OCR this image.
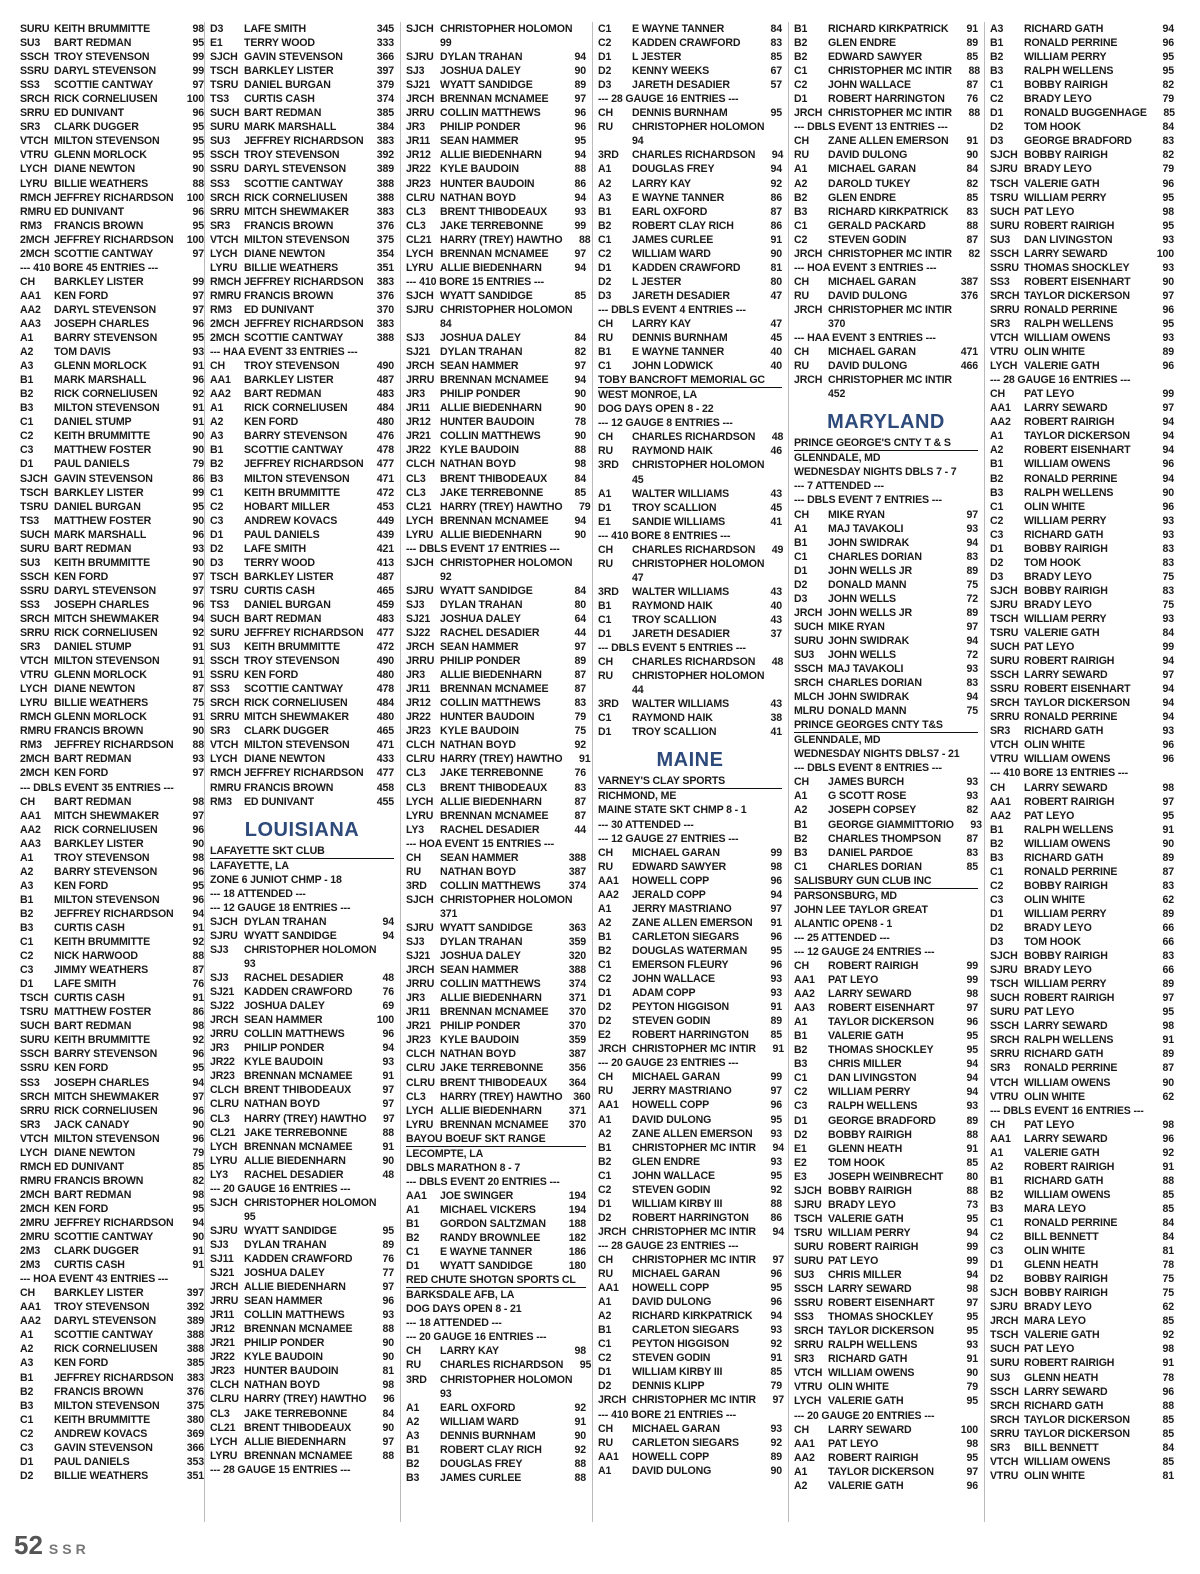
SURU KEITH BRUMMITTE	98
SU3	BART REDMAN	95
SSCH TROY STEVENSON	99
SSRU DARYL STEVENSON	99
SS3	SCOTTIE CANTWAY	97
SRCH RICK CORNELIUSEN	100
SRRU ED DUNIVANT	96
SR3	CLARK DUGGER	95
VTCH MILTON STEVENSON	95
VTRU GLENN MORLOCK	95
LYCH DIANE NEWTON	90
LYRU BILLIE WEATHERS	88
RMCH JEFFREY RICHARDSON	100
RMRU ED DUNIVANT	96
RM3	FRANCIS BROWN	95
2MCH JEFFREY RICHARDSON	100
2MCH SCOTTIE CANTWAY	97
--- 410 BORE 45 ENTRIES ---
CH	BARKLEY LISTER	99
AA1	KEN FORD	97
AA2	DARYL STEVENSON	97
AA3	JOSEPH CHARLES	96
A1	BARRY STEVENSON	95
A2	TOM DAVIS	93
A3	GLENN MORLOCK	91
B1	MARK MARSHALL	96
B2	RICK CORNELIUSEN	92
B3	MILTON STEVENSON	91
C1	DANIEL STUMP	91
C2	KEITH BRUMMITTE	90
C3	MATTHEW FOSTER	90
D1	PAUL DANIELS	79
SJCH GAVIN STEVENSON	86
TSCH BARKLEY LISTER	99
TSRU DANIEL BURGAN	95
TS3	MATTHEW FOSTER	90
SUCH MARK MARSHALL	96
SURU BART REDMAN	93
SU3	KEITH BRUMMITTE	90
SSCH KEN FORD	97
SSRU DARYL STEVENSON	97
SS3	JOSEPH CHARLES	96
SRCH MITCH SHEWMAKER	94
SRRU RICK CORNELIUSEN	92
SR3	DANIEL STUMP	91
VTCH MILTON STEVENSON	91
VTRU GLENN MORLOCK	91
LYCH DIANE NEWTON	87
LYRU BILLIE WEATHERS	75
RMCH GLENN MORLOCK	91
RMRU FRANCIS BROWN	90
RM3	JEFFREY RICHARDSON	88
2MCH BART REDMAN	93
2MCH KEN FORD	97
--- DBLS EVENT 35 ENTRIES ---
CH	BART REDMAN	98
AA1	MITCH SHEWMAKER	97
AA2	RICK CORNELIUSEN	96
AA3	BARKLEY LISTER	90
A1	TROY STEVENSON	98
A2	BARRY STEVENSON	96
A3	KEN FORD	95
B1	MILTON STEVENSON	96
B2	JEFFREY RICHARDSON	94
B3	CURTIS CASH	91
C1	KEITH BRUMMITTE	92
C2	NICK HARWOOD	88
C3	JIMMY WEATHERS	87
D1	LAFE SMITH	76
TSCH CURTIS CASH	91
TSRU MATTHEW FOSTER	86
SUCH BART REDMAN	98
SURU KEITH BRUMMITTE	92
SSCH BARRY STEVENSON	96
SSRU KEN FORD	95
SS3	JOSEPH CHARLES	94
SRCH MITCH SHEWMAKER	97
SRRU RICK CORNELIUSEN	96
SR3	JACK CANADY	90
VTCH MILTON STEVENSON	96
LYCH DIANE NEWTON	79
RMCH ED DUNIVANT	85
RMRU FRANCIS BROWN	82
2MCH BART REDMAN	98
2MCH KEN FORD	95
2MRU JEFFREY RICHARDSON	94
2MRU SCOTTIE CANTWAY	90
2M3	CLARK DUGGER	91
2M3	CURTIS CASH	91
--- HOA EVENT 43 ENTRIES ---
CH	BARKLEY LISTER	397
AA1	TROY STEVENSON	392
AA2	DARYL STEVENSON	389
A1	SCOTTIE CANTWAY	388
A2	RICK CORNELIUSEN	388
A3	KEN FORD	385
B1	JEFFREY RICHARDSON	383
B2	FRANCIS BROWN	376
B3	MILTON STEVENSON	375
C1	KEITH BRUMMITTE	380
C2	ANDREW KOVACS	369
C3	GAVIN STEVENSON	366
D1	PAUL DANIELS	353
D2	BILLIE WEATHERS	351
D3	LAFE SMITH	345
E1	TERRY WOOD	333
SJCH GAVIN STEVENSON	366
TSCH BARKLEY LISTER	397
TSRU DANIEL BURGAN	379
TS3	CURTIS CASH	374
SUCH BART REDMAN	385
SURU MARK MARSHALL	384
SU3	JEFFREY RICHARDSON	383
SSCH TROY STEVENSON	392
SSRU DARYL STEVENSON	389
SS3	SCOTTIE CANTWAY	388
SRCH RICK CORNELIUSEN	388
SRRU MITCH SHEWMAKER	383
SR3	FRANCIS BROWN	376
VTCH MILTON STEVENSON	375
LYCH DIANE NEWTON	354
LYRU BILLIE WEATHERS	351
RMCH JEFFREY RICHARDSON	383
RMRU FRANCIS BROWN	376
RM3	ED DUNIVANT	370
2MCH JEFFREY RICHARDSON	383
2MCH SCOTTIE CANTWAY	388
--- HAA EVENT 33 ENTRIES ---
CH	TROY STEVENSON	490
AA1	BARKLEY LISTER	487
AA2	BART REDMAN	483
A1	RICK CORNELIUSEN	484
A2	KEN FORD	480
A3	BARRY STEVENSON	476
B1	SCOTTIE CANTWAY	478
B2	JEFFREY RICHARDSON	477
B3	MILTON STEVENSON	471
C1	KEITH BRUMMITTE	472
C2	HOBART MILLER	453
C3	ANDREW KOVACS	449
D1	PAUL DANIELS	439
D2	LAFE SMITH	421
D3	TERRY WOOD	413
TSCH BARKLEY LISTER	487
TSRU CURTIS CASH	465
TS3	DANIEL BURGAN	459
SUCH BART REDMAN	483
SURU JEFFREY RICHARDSON	477
SU3	KEITH BRUMMITTE	472
SSCH TROY STEVENSON	490
SSRU KEN FORD	480
SS3	SCOTTIE CANTWAY	478
SRCH RICK CORNELIUSEN	484
SRRU MITCH SHEWMAKER	480
SR3	CLARK DUGGER	465
VTCH MILTON STEVENSON	471
LYCH DIANE NEWTON	433
RMCH JEFFREY RICHARDSON	477
RMRU FRANCIS BROWN	458
RM3	ED DUNIVANT	455
LOUISIANA
LAFAYETTE SKT CLUB
LAFAYETTE, LA
ZONE 6 JUNIOT CHMP - 18
--- 18 ATTENDED ---
--- 12 GAUGE 18 ENTRIES ---
SJCH DYLAN TRAHAN	94
SJRU WYATT SANDIDGE	94
SJ3	CHRISTOPHER HOLOMON
93
SJ3	RACHEL DESADIER	48
SJ21 KADDEN CRAWFORD	76
SJ22 JOSHUA DALEY	69
JRCH SEAN HAMMER	100
JRRU COLLIN MATTHEWS	96
JR3	PHILIP PONDER	94
JR22 KYLE BAUDOIN	93
JR23 BRENNAN MCNAMEE	91
CLCH BRENT THIBODEAUX	97
CLRU NATHAN BOYD	97
CL3	HARRY (TREY) HAWTHO	97
CL21 JAKE TERREBONNE	88
LYCH BRENNAN MCNAMEE	91
LYRU ALLIE BIEDENHARN	90
LY3	RACHEL DESADIER	48
--- 20 GAUGE 16 ENTRIES ---
SJCH CHRISTOPHER HOLOMON
95
SJRU WYATT SANDIDGE	95
SJ3	DYLAN TRAHAN	89
SJ11 KADDEN CRAWFORD	76
SJ21 JOSHUA DALEY	77
JRCH ALLIE BIEDENHARN	97
JRRU SEAN HAMMER	96
JR11 COLLIN MATTHEWS	93
JR12 BRENNAN MCNAMEE	88
JR21 PHILIP PONDER	90
JR22 KYLE BAUDOIN	90
JR23 HUNTER BAUDOIN	81
CLCH NATHAN BOYD	98
CLRU HARRY (TREY) HAWTHO	96
CL3	JAKE TERREBONNE	84
CL21 BRENT THIBODEAUX	90
LYCH ALLIE BIEDENHARN	97
LYRU BRENNAN MCNAMEE	88
--- 28 GAUGE 15 ENTRIES ---
SJCH CHRISTOPHER HOLOMON
99
SJRU DYLAN TRAHAN	94
SJ3	JOSHUA DALEY	90
SJ21 WYATT SANDIDGE	89
JRCH BRENNAN MCNAMEE	97
JRRU COLLIN MATTHEWS	96
JR3	PHILIP PONDER	96
JR11 SEAN HAMMER	95
JR12 ALLIE BIEDENHARN	94
JR22 KYLE BAUDOIN	88
JR23 HUNTER BAUDOIN	86
CLRU NATHAN BOYD	94
CL3	BRENT THIBODEAUX	93
CL3	JAKE TERREBONNE	99
CL21 HARRY (TREY) HAWTHO	88
LYCH BRENNAN MCNAMEE	97
LYRU ALLIE BIEDENHARN	94
--- 410 BORE 15 ENTRIES ---
SJCH WYATT SANDIDGE	85
SJRU CHRISTOPHER HOLOMON
84
SJ3	JOSHUA DALEY	84
SJ21 DYLAN TRAHAN	82
JRCH SEAN HAMMER	97
JRRU BRENNAN MCNAMEE	94
JR3	PHILIP PONDER	90
JR11 ALLIE BIEDENHARN	90
JR12 HUNTER BAUDOIN	78
JR21 COLLIN MATTHEWS	90
JR22 KYLE BAUDOIN	88
CLCH NATHAN BOYD	98
CL3	BRENT THIBODEAUX	84
CL3	JAKE TERREBONNE	85
CL21 HARRY (TREY) HAWTHO	79
LYCH BRENNAN MCNAMEE	94
LYRU ALLIE BIEDENHARN	90
--- DBLS EVENT 17 ENTRIES ---
SJCH CHRISTOPHER HOLOMON
92
SJRU WYATT SANDIDGE	84
SJ3	DYLAN TRAHAN	80
SJ21 JOSHUA DALEY	64
SJ22 RACHEL DESADIER	44
JRCH SEAN HAMMER	97
JRRU PHILIP PONDER	89
JR3	ALLIE BIEDENHARN	87
JR11 BRENNAN MCNAMEE	87
JR12 COLLIN MATTHEWS	83
JR22 HUNTER BAUDOIN	79
JR23 KYLE BAUDOIN	75
CLCH NATHAN BOYD	92
CLRU HARRY (TREY) HAWTHO	91
CL3	JAKE TERREBONNE	76
CL3	BRENT THIBODEAUX	83
LYCH ALLIE BIEDENHARN	87
LYRU BRENNAN MCNAMEE	87
LY3	RACHEL DESADIER	44
--- HOA EVENT 15 ENTRIES ---
CH	SEAN HAMMER	388
RU	NATHAN BOYD	387
3RD	COLLIN MATTHEWS	374
SJCH CHRISTOPHER HOLOMON
371
SJRU WYATT SANDIDGE	363
SJ3	DYLAN TRAHAN	359
SJ21 JOSHUA DALEY	320
JRCH SEAN HAMMER	388
JRRU COLLIN MATTHEWS	374
JR3	ALLIE BIEDENHARN	371
JR11 BRENNAN MCNAMEE	370
JR21 PHILIP PONDER	370
JR23 KYLE BAUDOIN	359
CLCH NATHAN BOYD	387
CLRU JAKE TERREBONNE	356
CLRU BRENT THIBODEAUX	364
CL3	HARRY (TREY) HAWTHO	360
LYCH ALLIE BIEDENHARN	371
LYRU BRENNAN MCNAMEE	370
BAYOU BOEUF SKT RANGE
LECOMPTE, LA
DBLS MARATHON 8 - 7
--- DBLS EVENT 20 ENTRIES ---
AA1	JOE SWINGER	194
A1	MICHAEL VICKERS	194
B1	GORDON SALTZMAN	188
B2	RANDY BROWNLEE	182
C1	E WAYNE TANNER	186
D1	WYATT SANDIDGE	180
RED CHUTE SHOTGN SPORTS CL
BARKSDALE AFB, LA
DOG DAYS OPEN 8 - 21
--- 18 ATTENDED ---
--- 20 GAUGE 16 ENTRIES ---
CH	LARRY KAY	98
RU	CHARLES RICHARDSON	95
3RD	CHRISTOPHER HOLOMON
93
A1	EARL OXFORD	92
A2	WILLIAM WARD	91
A3	DENNIS BURNHAM	90
B1	ROBERT CLAY RICH	92
B2	DOUGLAS FREY	88
B3	JAMES CURLEE	88
C1	E WAYNE TANNER	84
C2	KADDEN CRAWFORD	83
D1	L JESTER	85
D2	KENNY WEEKS	67
D3	JARETH DESADIER	57
--- 28 GAUGE 16 ENTRIES ---
CH	DENNIS BURNHAM	95
RU	CHRISTOPHER HOLOMON
94
3RD	CHARLES RICHARDSON	94
A1	DOUGLAS FREY	94
A2	LARRY KAY	92
A3	E WAYNE TANNER	86
B1	EARL OXFORD	87
B2	ROBERT CLAY RICH	86
C1	JAMES CURLEE	91
C2	WILLIAM WARD	90
D1	KADDEN CRAWFORD	81
D2	L JESTER	80
D3	JARETH DESADIER	47
--- DBLS EVENT 4 ENTRIES ---
CH	LARRY KAY	47
RU	DENNIS BURNHAM	45
B1	E WAYNE TANNER	40
C1	JOHN LODWICK	40
TOBY BANCROFT MEMORIAL GC
WEST MONROE, LA
DOG DAYS OPEN 8 - 22
--- 12 GAUGE 8 ENTRIES ---
CH	CHARLES RICHARDSON	48
RU	RAYMOND HAIK	46
3RD	CHRISTOPHER HOLOMON
45
A1	WALTER WILLIAMS	43
D1	TROY SCALLION	45
E1	SANDIE WILLIAMS	41
--- 410 BORE 8 ENTRIES ---
CH	CHARLES RICHARDSON	49
RU	CHRISTOPHER HOLOMON
47
3RD	WALTER WILLIAMS	43
B1	RAYMOND HAIK	40
C1	TROY SCALLION	43
D1	JARETH DESADIER	37
--- DBLS EVENT 5 ENTRIES ---
CH	CHARLES RICHARDSON	48
RU	CHRISTOPHER HOLOMON
44
3RD	WALTER WILLIAMS	43
C1	RAYMOND HAIK	38
D1	TROY SCALLION	41
MAINE
VARNEY'S CLAY SPORTS
RICHMOND, ME
MAINE STATE SKT CHMP 8 - 1
--- 30 ATTENDED ---
--- 12 GAUGE 27 ENTRIES ---
CH	MICHAEL GARAN	99
RU	EDWARD SAWYER	98
AA1	HOWELL COPP	96
AA2	JERALD COPP	94
A1	JERRY MASTRIANO	97
A2	ZANE ALLEN EMERSON	91
B1	CARLETON SIEGARS	96
B2	DOUGLAS WATERMAN	95
C1	EMERSON FLEURY	96
C2	JOHN WALLACE	93
D1	ADAM COPP	93
D2	PEYTON HIGGISON	91
D2	STEVEN GODIN	89
E2	ROBERT HARRINGTON	85
JRCH CHRISTOPHER MC INTIR	91
--- 20 GAUGE 23 ENTRIES ---
CH	MICHAEL GARAN	99
RU	JERRY MASTRIANO	97
AA1	HOWELL COPP	96
A1	DAVID DULONG	95
A2	ZANE ALLEN EMERSON	93
B1	CHRISTOPHER MC INTIR	94
B2	GLEN ENDRE	93
C1	JOHN WALLACE	95
C2	STEVEN GODIN	92
D1	WILLIAM KIRBY III	88
D2	ROBERT HARRINGTON	86
JRCH CHRISTOPHER MC INTIR	94
--- 28 GAUGE 23 ENTRIES ---
CH	CHRISTOPHER MC INTIR	97
RU	MICHAEL GARAN	96
AA1	HOWELL COPP	95
A1	DAVID DULONG	96
A2	RICHARD KIRKPATRICK	94
B1	CARLETON SIEGARS	93
C1	PEYTON HIGGISON	92
C2	STEVEN GODIN	91
D1	WILLIAM KIRBY III	85
D2	DENNIS KLIPP	79
JRCH CHRISTOPHER MC INTIR	97
--- 410 BORE 21 ENTRIES ---
CH	MICHAEL GARAN	93
RU	CARLETON SIEGARS	92
AA1	HOWELL COPP	89
A1	DAVID DULONG	90
B1	RICHARD KIRKPATRICK	91
B2	GLEN ENDRE	89
B2	EDWARD SAWYER	85
C1	CHRISTOPHER MC INTIR	88
C2	JOHN WALLACE	87
D1	ROBERT HARRINGTON	76
JRCH CHRISTOPHER MC INTIR	88
--- DBLS EVENT 13 ENTRIES ---
CH	ZANE ALLEN EMERSON	91
RU	DAVID DULONG	90
A1	MICHAEL GARAN	84
A2	DAROLD TUKEY	82
B2	GLEN ENDRE	85
B3	RICHARD KIRKPATRICK	83
C1	GERALD PACKARD	88
C2	STEVEN GODIN	87
JRCH CHRISTOPHER MC INTIR	82
--- HOA EVENT 3 ENTRIES ---
CH	MICHAEL GARAN	387
RU	DAVID DULONG	376
JRCH CHRISTOPHER MC INTIR
370
--- HAA EVENT 3 ENTRIES ---
CH	MICHAEL GARAN	471
RU	DAVID DULONG	466
JRCH CHRISTOPHER MC INTIR
452
MARYLAND
PRINCE GEORGE'S CNTY T & S
GLENNDALE, MD
WEDNESDAY NIGHTS DBLS 7 - 7
--- 7 ATTENDED ---
--- DBLS EVENT 7 ENTRIES ---
CH	MIKE RYAN	97
A1	MAJ TAVAKOLI	93
B1	JOHN SWIDRAK	94
C1	CHARLES DORIAN	83
D1	JOHN WELLS JR	89
D2	DONALD MANN	75
D3	JOHN WELLS	72
JRCH JOHN WELLS JR	89
SUCH MIKE RYAN	97
SURU JOHN SWIDRAK	94
SU3	JOHN WELLS	72
SSCH MAJ TAVAKOLI	93
SRCH CHARLES DORIAN	83
MLCH JOHN SWIDRAK	94
MLRU DONALD MANN	75
PRINCE GEORGES CNTY T&S
GLENNDALE, MD
WEDNESDAY NIGHTS DBLS7 - 21
--- DBLS EVENT 8 ENTRIES ---
CH	JAMES BURCH	93
A1	G SCOTT ROSE	93
A2	JOSEPH COPSEY	82
B1	GEORGE GIAMMITTORIO	93
B2	CHARLES THOMPSON	87
B3	DANIEL PARDOE	83
C1	CHARLES DORIAN	85
SALISBURY GUN CLUB INC
PARSONSBURG, MD
JOHN LEE TAYLOR GREAT
ALANTIC OPEN8 - 1
--- 25 ATTENDED ---
--- 12 GAUGE 24 ENTRIES ---
CH	ROBERT RAIRIGH	99
AA1	PAT LEYO	99
AA2	LARRY SEWARD	98
AA3	ROBERT EISENHART	97
A1	TAYLOR DICKERSON	96
B1	VALERIE GATH	95
B2	THOMAS SHOCKLEY	95
B3	CHRIS MILLER	94
C1	DAN LIVINGSTON	94
C2	WILLIAM PERRY	94
C3	RALPH WELLENS	93
D1	GEORGE BRADFORD	89
D2	BOBBY RAIRIGH	88
E1	GLENN HEATH	91
E2	TOM HOOK	85
E3	JOSEPH WEINBRECHT	80
SJCH BOBBY RAIRIGH	88
SJRU BRADY LEYO	73
TSCH VALERIE GATH	95
TSRU WILLIAM PERRY	94
SURU ROBERT RAIRIGH	99
SURU PAT LEYO	99
SU3	CHRIS MILLER	94
SSCH LARRY SEWARD	98
SSRU ROBERT EISENHART	97
SS3	THOMAS SHOCKLEY	95
SRCH TAYLOR DICKERSON	95
SRRU RALPH WELLENS	93
SR3	RICHARD GATH	91
VTCH WILLIAM OWENS	90
VTRU OLIN WHITE	79
LYCH VALERIE GATH	95
--- 20 GAUGE 20 ENTRIES ---
CH	LARRY SEWARD	100
AA1	PAT LEYO	98
AA2	ROBERT RAIRIGH	95
A1	TAYLOR DICKERSON	97
A2	VALERIE GATH	96
A3	RICHARD GATH	94
B1	RONALD PERRINE	96
B2	WILLIAM PERRY	95
B3	RALPH WELLENS	95
C1	BOBBY RAIRIGH	82
C2	BRADY LEYO	79
D1	RONALD BUGGENHAGE	85
D2	TOM HOOK	84
D3	GEORGE BRADFORD	83
SJCH BOBBY RAIRIGH	82
SJRU BRADY LEYO	79
TSCH VALERIE GATH	96
TSRU WILLIAM PERRY	95
SUCH PAT LEYO	98
SURU ROBERT RAIRIGH	95
SU3	DAN LIVINGSTON	93
SSCH LARRY SEWARD	100
SSRU THOMAS SHOCKLEY	93
SS3	ROBERT EISENHART	90
SRCH TAYLOR DICKERSON	97
SRRU RONALD PERRINE	96
SR3	RALPH WELLENS	95
VTCH WILLIAM OWENS	93
VTRU OLIN WHITE	89
LYCH VALERIE GATH	96
--- 28 GAUGE 16 ENTRIES ---
CH	PAT LEYO	99
AA1	LARRY SEWARD	97
AA2	ROBERT RAIRIGH	94
A1	TAYLOR DICKERSON	94
A2	ROBERT EISENHART	94
B1	WILLIAM OWENS	96
B2	RONALD PERRINE	94
B3	RALPH WELLENS	90
C1	OLIN WHITE	96
C2	WILLIAM PERRY	93
C3	RICHARD GATH	93
D1	BOBBY RAIRIGH	83
D2	TOM HOOK	83
D3	BRADY LEYO	75
SJCH BOBBY RAIRIGH	83
SJRU BRADY LEYO	75
TSCH WILLIAM PERRY	93
TSRU VALERIE GATH	84
SUCH PAT LEYO	99
SURU ROBERT RAIRIGH	94
SSCH LARRY SEWARD	97
SSRU ROBERT EISENHART	94
SRCH TAYLOR DICKERSON	94
SRRU RONALD PERRINE	94
SR3	RICHARD GATH	93
VTCH OLIN WHITE	96
VTRU WILLIAM OWENS	96
--- 410 BORE 13 ENTRIES ---
CH	LARRY SEWARD	98
AA1	ROBERT RAIRIGH	97
AA2	PAT LEYO	95
B1	RALPH WELLENS	91
B2	WILLIAM OWENS	90
B3	RICHARD GATH	89
C1	RONALD PERRINE	87
C2	BOBBY RAIRIGH	83
C3	OLIN WHITE	62
D1	WILLIAM PERRY	89
D2	BRADY LEYO	66
D3	TOM HOOK	66
SJCH BOBBY RAIRIGH	83
SJRU BRADY LEYO	66
TSCH WILLIAM PERRY	89
SUCH ROBERT RAIRIGH	97
SURU PAT LEYO	95
SSCH LARRY SEWARD	98
SRCH RALPH WELLENS	91
SRRU RICHARD GATH	89
SR3	RONALD PERRINE	87
VTCH WILLIAM OWENS	90
VTRU OLIN WHITE	62
--- DBLS EVENT 16 ENTRIES ---
CH	PAT LEYO	98
AA1	LARRY SEWARD	96
A1	VALERIE GATH	92
A2	ROBERT RAIRIGH	91
B1	RICHARD GATH	88
B2	WILLIAM OWENS	85
B3	MARA LEYO	85
C1	RONALD PERRINE	84
C2	BILL BENNETT	84
C3	OLIN WHITE	81
D1	GLENN HEATH	78
D2	BOBBY RAIRIGH	75
SJCH BOBBY RAIRIGH	75
SJRU BRADY LEYO	62
JRCH MARA LEYO	85
TSCH VALERIE GATH	92
SUCH PAT LEYO	98
SURU ROBERT RAIRIGH	91
SU3	GLENN HEATH	78
SSCH LARRY SEWARD	96
SRCH RICHARD GATH	88
SRCH TAYLOR DICKERSON	85
SRRU TAYLOR DICKERSON	85
SR3	BILL BENNETT	84
VTCH WILLIAM OWENS	85
VTRU OLIN WHITE	81
52 SSR
